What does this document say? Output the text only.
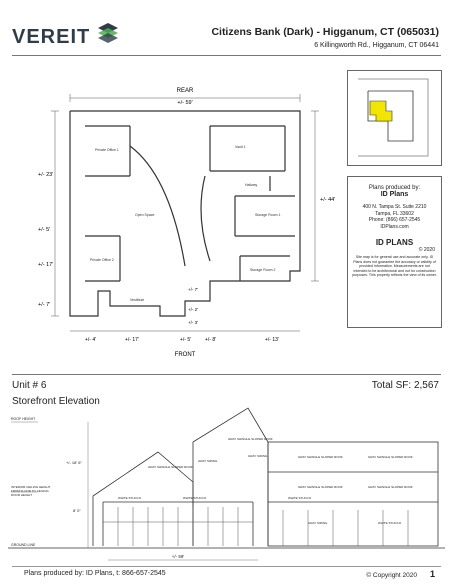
VEREIT	Citizens Bank (Dark) - Higganum, CT (065031)
6 Killingworth Rd., Higganum, CT 06441
REAR
+/- 59'
FRONT
+/- 23'
+/- 5'
+/- 17'
+/- 7'
+/- 44'
+/- 4'	+/- 17'	+/- 5'	+/- 8'	+/- 13'
+/- 7'
+/- 2'
+/- 3'
Private Office 1
Open Space
Private Office 2
Vestibule
Vault 1
Hallway
Storage Room 1
Storage Room 2
Plans produced by:
ID Plans
400 N. Tampa St. Suite 2210
Tampa, FL 33602
Phone: (866) 657-2545
IDPlans.com
ID PLANS
© 2020
Site map is for general use and accurate only. ID Plans does not guarantee the accuracy or validity of provided information. Measurements are not intended to be architectural and not for construction purposes. This property reflects the view of its owner.
Unit # 6	Total SF: 2,567
Storefront Elevation
ROOF HEIGHT
INTERIOR CEILING HEIGHT
FROM FLOOR TO CEILING
DOOR HEIGHT
GROUND LINE
+/- 18' 6"
8' 0"
+/- 59'
GRAY SHINGLE SLOPED ROOF
GRAY SHINGLE SLOPED ROOF
GRAY SHINGLE SLOPED ROOF	GRAY SHINGLE SLOPED ROOF
GRAY SHINGLE SLOPED ROOF	GRAY SHINGLE SLOPED ROOF
GRAY SIDING
GRAY SIDING
GRAY SIDING
WHITE STUCCO	WHITE STUCCO	WHITE STUCCO
WHITE STUCCO
Plans produced by: ID Plans, t: 866-657-2545	© Copyright 2020 1
